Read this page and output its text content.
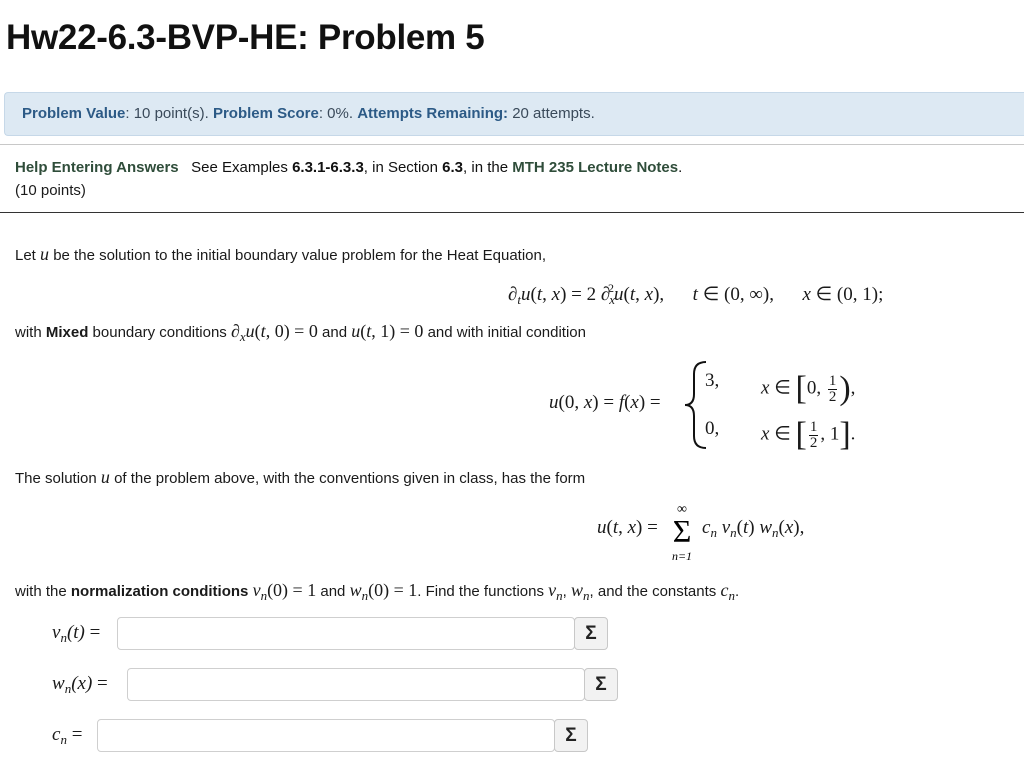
Hw22-6.3-BVP-HE: Problem 5
Problem Value: 10 point(s). Problem Score: 0%. Attempts Remaining: 20 attempts.
Help Entering Answers See Examples 6.3.1-6.3.3, in Section 6.3, in the MTH 235 Lecture Notes.
(10 points)
Let u be the solution to the initial boundary value problem for the Heat Equation,
$\partial_tu(t$, x) = 2 $\partial_x^2u(t$, x),      t ∈ (0, ∞),      x ∈ (0, 1);
with Mixed boundary conditions $\partial_xu(t$, 0) = 0 and u(t, 1) = 0 and with initial condition
u(0, x) = f(x) =
3, x ∈ [0, $\frac{1}{2}$ ),
0, x ∈ [ $\frac{1}{2}$ , 1].
The solution u of the problem above, with the conventions given in class, has the form
u(t, x) =
∞
Σ
n=1
$c_n$ $v_n(t)$ $w_n(x)$,
with the normalization conditions $v_n(0) = 1$ and $w_n(0) = 1$. Find the functions $v_n$, $w_n$, and the constants $c_n$.
$v_n(t)$ =	Σ
$w_n(x)$ =	Σ
$c_n$ =	Σ
